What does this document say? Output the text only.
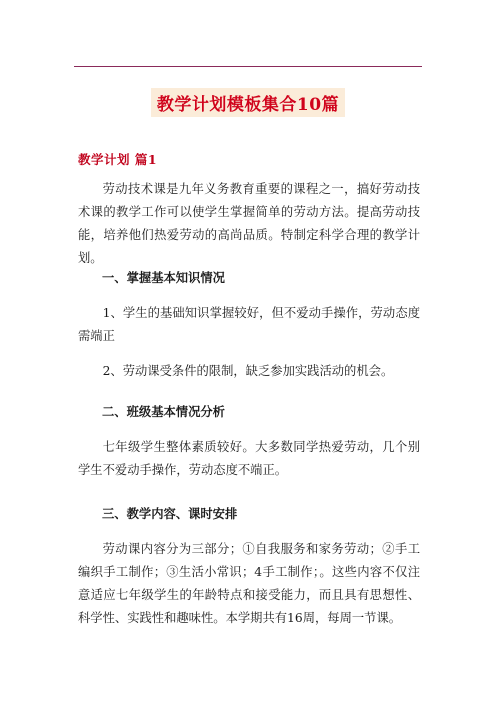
教学计划模板集合10篇
教学计划 篇1

劳动技术课是九年义务教育重要的课程之一，搞好劳动技术课的教学工作可以使学生掌握简单的劳动方法。提高劳动技能，培养他们热爱劳动的高尚品质。特制定科学合理的教学计划。

一、掌握基本知识情况

1、学生的基础知识掌握较好，但不爱动手操作，劳动态度需端正

2、劳动课受条件的限制，缺乏参加实践活动的机会。

二、班级基本情况分析

七年级学生整体素质较好。大多数同学热爱劳动，几个别学生不爱动手操作，劳动态度不端正。

三、教学内容、课时安排

劳动课内容分为三部分；①自我服务和家务劳动；②手工编织手工制作；③生活小常识；4手工制作；。这些内容不仅注意适应七年级学生的年龄特点和接受能力，而且具有思想性、科学性、实践性和趣味性。本学期共有16周，每周一节课。
